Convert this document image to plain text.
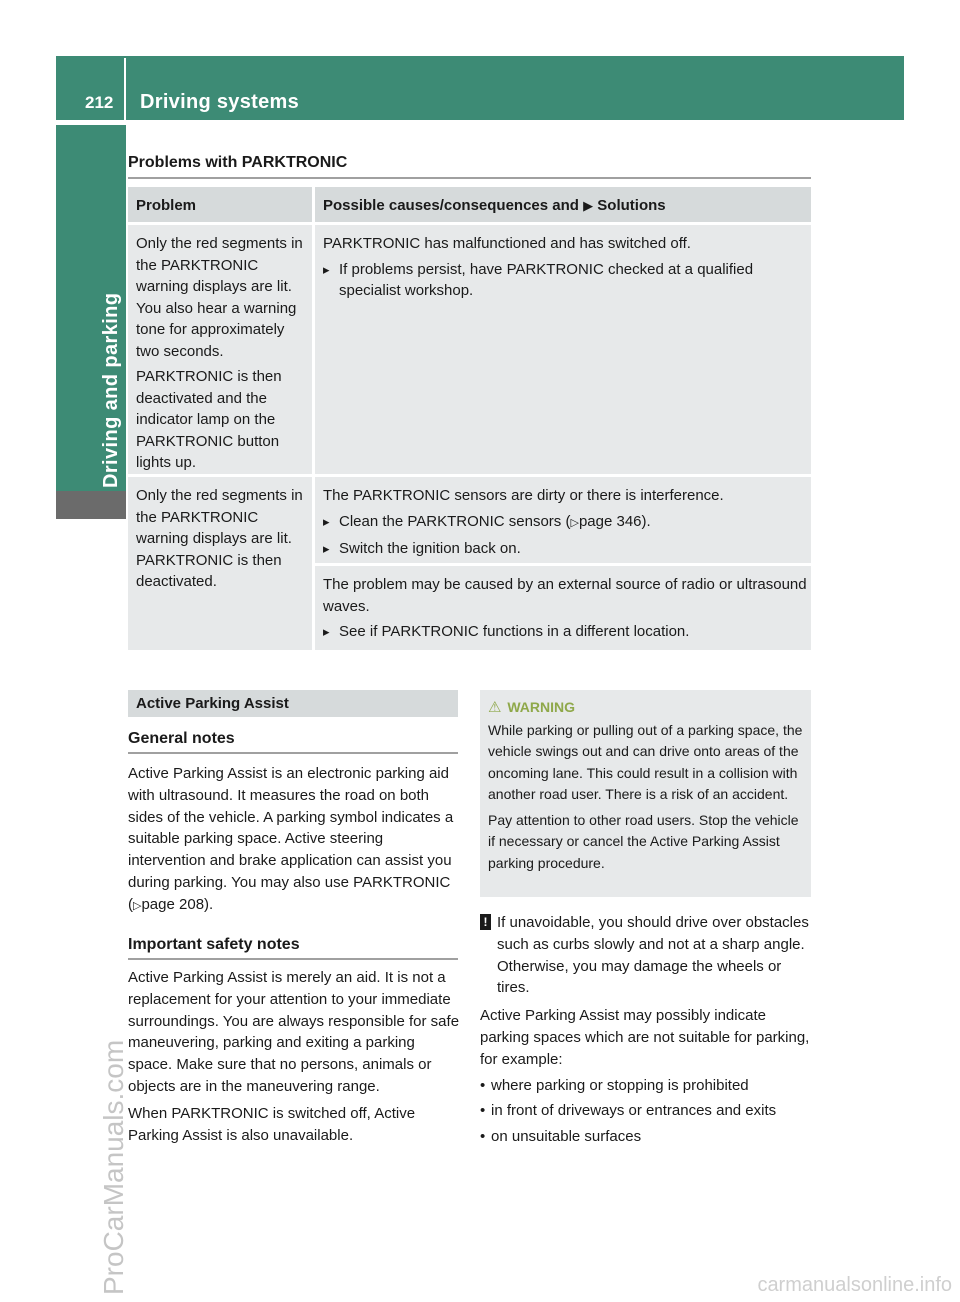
212 Driving systems
Driving and parking
ProCarManuals.com	carmanualsonline.info
Problems with PARKTRONIC
Problem	Possible causes/consequences and ▶ Solutions

Only the red segments in the PARKTRONIC warning displays are lit. You also hear a warning tone for approximately two seconds.

PARKTRONIC is then deactivated and the indicator lamp on the PARKTRONIC button lights up.

PARKTRONIC has malfunctioned and has switched off.

▸ If problems persist, have PARKTRONIC checked at a qualified specialist workshop.

Only the red segments in the PARKTRONIC warning displays are lit. PARKTRONIC is then deactivated.

The PARKTRONIC sensors are dirty or there is interference.

▸ Clean the PARKTRONIC sensors (▷page 346).

▸ Switch the ignition back on.

The problem may be caused by an external source of radio or ultrasound waves.

▸ See if PARKTRONIC functions in a different location.

Active Parking Assist
General notes

Active Parking Assist is an electronic parking aid with ultrasound. It measures the road on both sides of the vehicle. A parking symbol indicates a suitable parking space. Active steering intervention and brake application can assist you during parking. You may also use PARKTRONIC (▷page 208).

Important safety notes

Active Parking Assist is merely an aid. It is not a replacement for your attention to your immediate surroundings. You are always responsible for safe maneuvering, parking and exiting a parking space. Make sure that no persons, animals or objects are in the maneuvering range.

When PARKTRONIC is switched off, Active Parking Assist is also unavailable.

⚠ WARNING

While parking or pulling out of a parking space, the vehicle swings out and can drive onto areas of the oncoming lane. This could result in a collision with another road user. There is a risk of an accident.

Pay attention to other road users. Stop the vehicle if necessary or cancel the Active Parking Assist parking procedure.

! If unavoidable, you should drive over obstacles such as curbs slowly and not at a sharp angle. Otherwise, you may damage the wheels or tires.

Active Parking Assist may possibly indicate parking spaces which are not suitable for parking, for example:

• where parking or stopping is prohibited
• in front of driveways or entrances and exits
• on unsuitable surfaces
